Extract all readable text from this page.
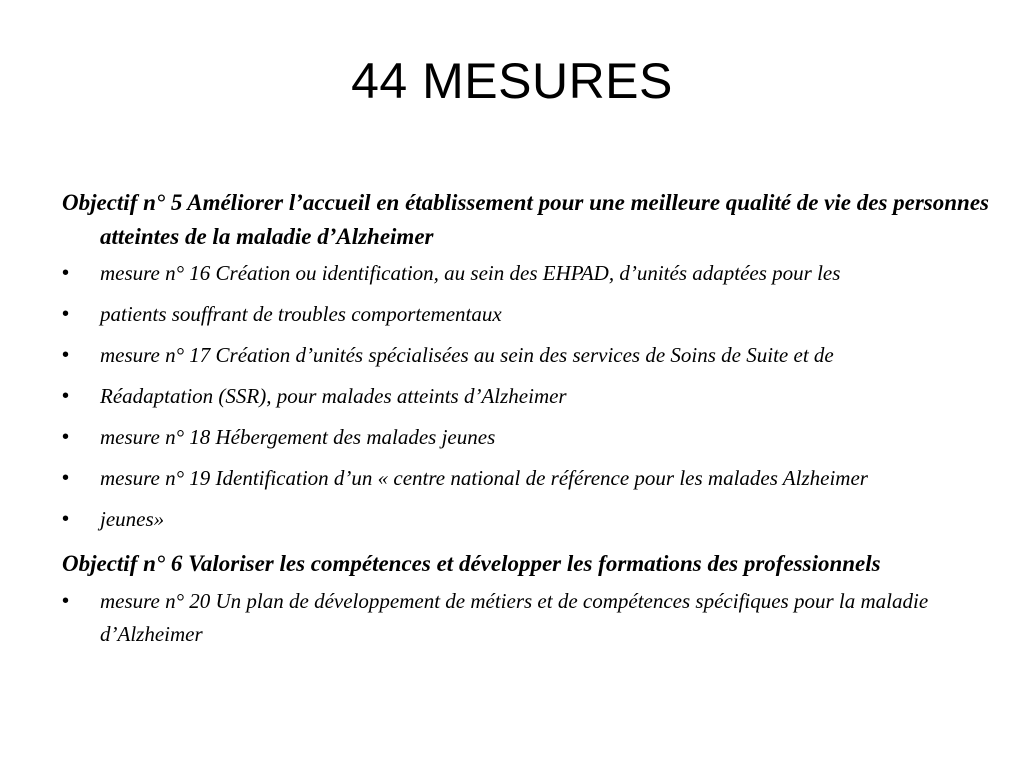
44 MESURES

Objectif n° 5 Améliorer l’accueil en établissement pour une meilleure qualité de vie des personnes atteintes de la maladie d’Alzheimer

• mesure n° 16 Création ou identification, au sein des EHPAD, d’unités adaptées pour les
• patients souffrant de troubles comportementaux
• mesure n° 17 Création d’unités spécialisées au sein des services de Soins de Suite et de
• Réadaptation (SSR), pour malades atteints d’Alzheimer
• mesure n° 18 Hébergement des malades jeunes
• mesure n° 19 Identification d’un « centre national de référence pour les malades Alzheimer
• jeunes»

Objectif n° 6 Valoriser les compétences et développer les formations des professionnels

• mesure n° 20 Un plan de développement de métiers et de compétences spécifiques pour la maladie d’Alzheimer
